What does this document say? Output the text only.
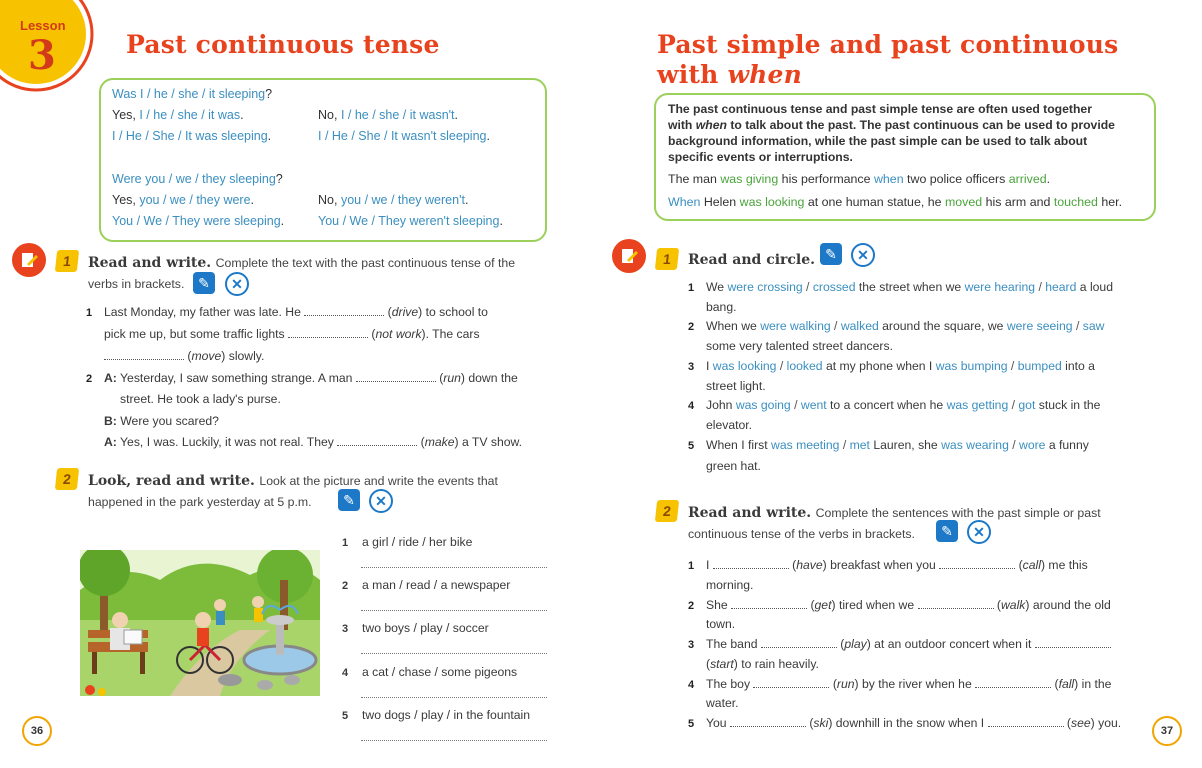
Lesson
3	Past continuous tense
Was I / he / she / it sleeping?
Yes, I / he / she / it was.	No, I / he / she / it wasn't.
I / He / She / It was sleeping.	I / He / She / It wasn't sleeping.
Were you / we / they sleeping?
Yes, you / we / they were.	No, you / we / they weren't.
You / We / They were sleeping.	You / We / They weren't sleeping.
1	Read and write. Complete the text with the past continuous tense of the
verbs in brackets. ✎	✕
1 Last Monday, my father was late. He	(drive) to school to
pick me up, but some traffic lights	(not work). The cars
(move) slowly.
2 A: Yesterday, I saw something strange. A man	(run) down the
street. He took a lady's purse.
B: Were you scared?
A: Yes, I was. Luckily, it was not real. They	(make) a TV show.
2	Look, read and write. Look at the picture and write the events that
happened in the park yesterday at 5 p.m.	✎	✕
1 a girl / ride / her bike
2 a man / read / a newspaper
3 two boys / play / soccer
4 a cat / chase / some pigeons
5 two dogs / play / in the fountain
36
Past simple and past continuous
with when
The past continuous tense and past simple tense are often used together
with when to talk about the past. The past continuous can be used to provide
background information, while the past simple can be used to talk about
specific events or interruptions.
The man was giving his performance when two police officers arrived.
When Helen was looking at one human statue, he moved his arm and touched her.
1	Read and circle. ✎	✕
1 We were crossing / crossed the street when we were hearing / heard a loud
bang.
2 When we were walking / walked around the square, we were seeing / saw
some very talented street dancers.
3 I was looking / looked at my phone when I was bumping / bumped into a
street light.
4 John was going / went to a concert when he was getting / got stuck in the
elevator.
5 When I first was meeting / met Lauren, she was wearing / wore a funny
green hat.
2	Read and write. Complete the sentences with the past simple or past
continuous tense of the verbs in brackets.	✎	✕
1 I	(have) breakfast when you	(call) me this
morning.
2 She	(get) tired when we	(walk) around the old
town.
3 The band	(play) at an outdoor concert when it
(start) to rain heavily.
4 The boy	(run) by the river when he	(fall) in the
water.
5 You	(ski) downhill in the snow when I	(see) you.
37
